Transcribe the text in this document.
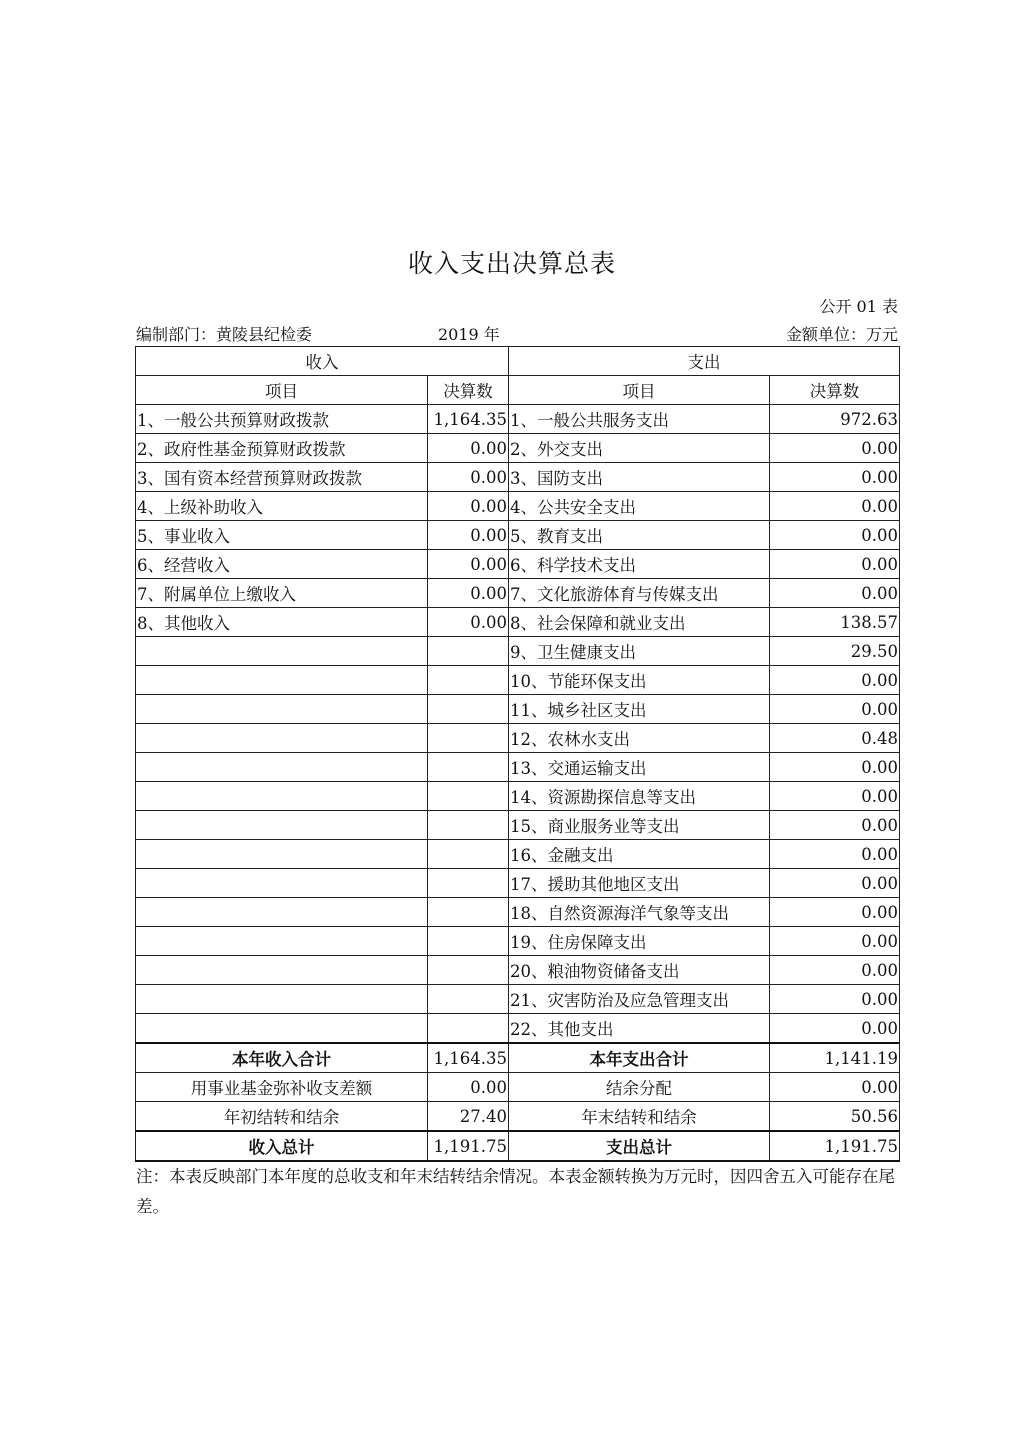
收入支出决算总表
公开 01 表
编制部门：黄陵县纪检委	2019 年	金额单位：万元
收入		支出	
项目	决算数	项目	决算数
1、一般公共预算财政拨款	1,164.35	1、一般公共服务支出	972.63
2、政府性基金预算财政拨款	0.00	2、外交支出	0.00
3、国有资本经营预算财政拨款	0.00	3、国防支出	0.00
4、上级补助收入	0.00	4、公共安全支出	0.00
5、事业收入	0.00	5、教育支出	0.00
6、经营收入	0.00	6、科学技术支出	0.00
7、附属单位上缴收入	0.00	7、文化旅游体育与传媒支出	0.00
8、其他收入	0.00	8、社会保障和就业支出	138.57
		9、卫生健康支出	29.50
		10、节能环保支出	0.00
		11、城乡社区支出	0.00
		12、农林水支出	0.48
		13、交通运输支出	0.00
		14、资源勘探信息等支出	0.00
		15、商业服务业等支出	0.00
		16、金融支出	0.00
		17、援助其他地区支出	0.00
		18、自然资源海洋气象等支出	0.00
		19、住房保障支出	0.00
		20、粮油物资储备支出	0.00
		21、灾害防治及应急管理支出	0.00
		22、其他支出	0.00
本年收入合计	1,164.35	本年支出合计	1,141.19
用事业基金弥补收支差额	0.00	结余分配	0.00
年初结转和结余	27.40	年末结转和结余	50.56
收入总计	1,191.75	支出总计	1,191.75
注：本表反映部门本年度的总收支和年末结转结余情况。本表金额转换为万元时，因四舍五入可能存在尾差。
